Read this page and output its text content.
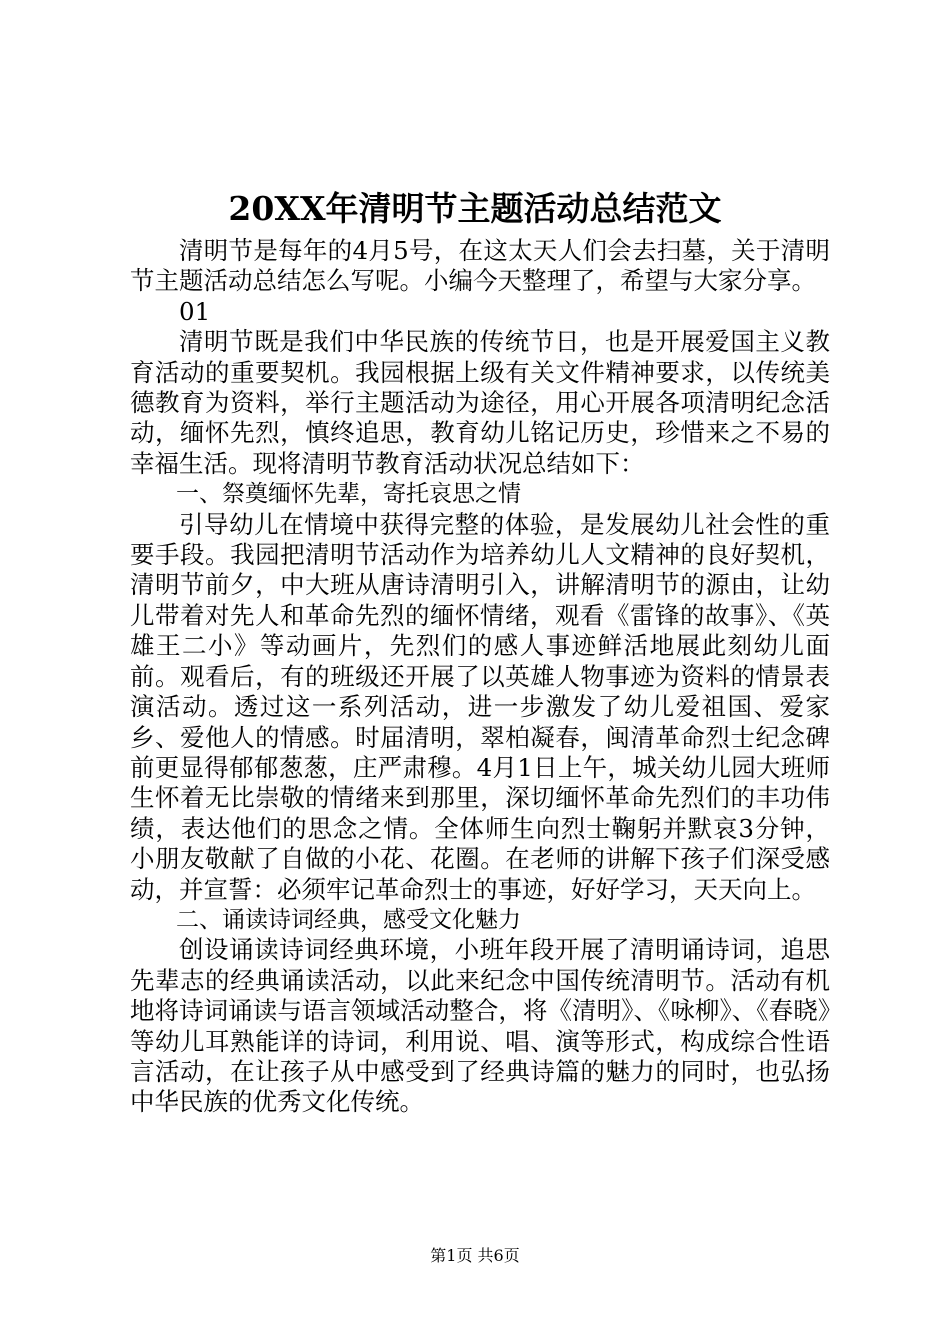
20XX年清明节主题活动总结范文

清明节是每年的4月5号，在这太天人们会去扫墓，关于清明节主题活动总结怎么写呢。小编今天整理了，希望与大家分享。

01

清明节既是我们中华民族的传统节日，也是开展爱国主义教育活动的重要契机。我园根据上级有关文件精神要求，以传统美德教育为资料，举行主题活动为途径，用心开展各项清明纪念活动，缅怀先烈，慎终追思，教育幼儿铭记历史，珍惜来之不易的幸福生活。现将清明节教育活动状况总结如下：

一、祭奠缅怀先辈，寄托哀思之情

引导幼儿在情境中获得完整的体验，是发展幼儿社会性的重要手段。我园把清明节活动作为培养幼儿人文精神的良好契机，清明节前夕，中大班从唐诗清明引入，讲解清明节的源由，让幼儿带着对先人和革命先烈的缅怀情绪，观看《雷锋的故事》、《英雄王二小》等动画片，先烈们的感人事迹鲜活地展此刻幼儿面前。观看后，有的班级还开展了以英雄人物事迹为资料的情景表演活动。透过这一系列活动，进一步激发了幼儿爱祖国、爱家乡、爱他人的情感。时届清明，翠柏凝春，闽清革命烈士纪念碑前更显得郁郁葱葱，庄严肃穆。4月1日上午，城关幼儿园大班师生怀着无比崇敬的情绪来到那里，深切缅怀革命先烈们的丰功伟绩，表达他们的思念之情。全体师生向烈士鞠躬并默哀3分钟，小朋友敬献了自做的小花、花圈。在老师的讲解下孩子们深受感动，并宣誓：必须牢记革命烈士的事迹，好好学习，天天向上。

二、诵读诗词经典，感受文化魅力

创设诵读诗词经典环境，小班年段开展了清明诵诗词，追思先辈志的经典诵读活动，以此来纪念中国传统清明节。活动有机地将诗词诵读与语言领域活动整合，将《清明》、《咏柳》、《春晓》等幼儿耳熟能详的诗词，利用说、唱、演等形式，构成综合性语言活动，在让孩子从中感受到了经典诗篇的魅力的同时，也弘扬中华民族的优秀文化传统。

第1页 共6页
